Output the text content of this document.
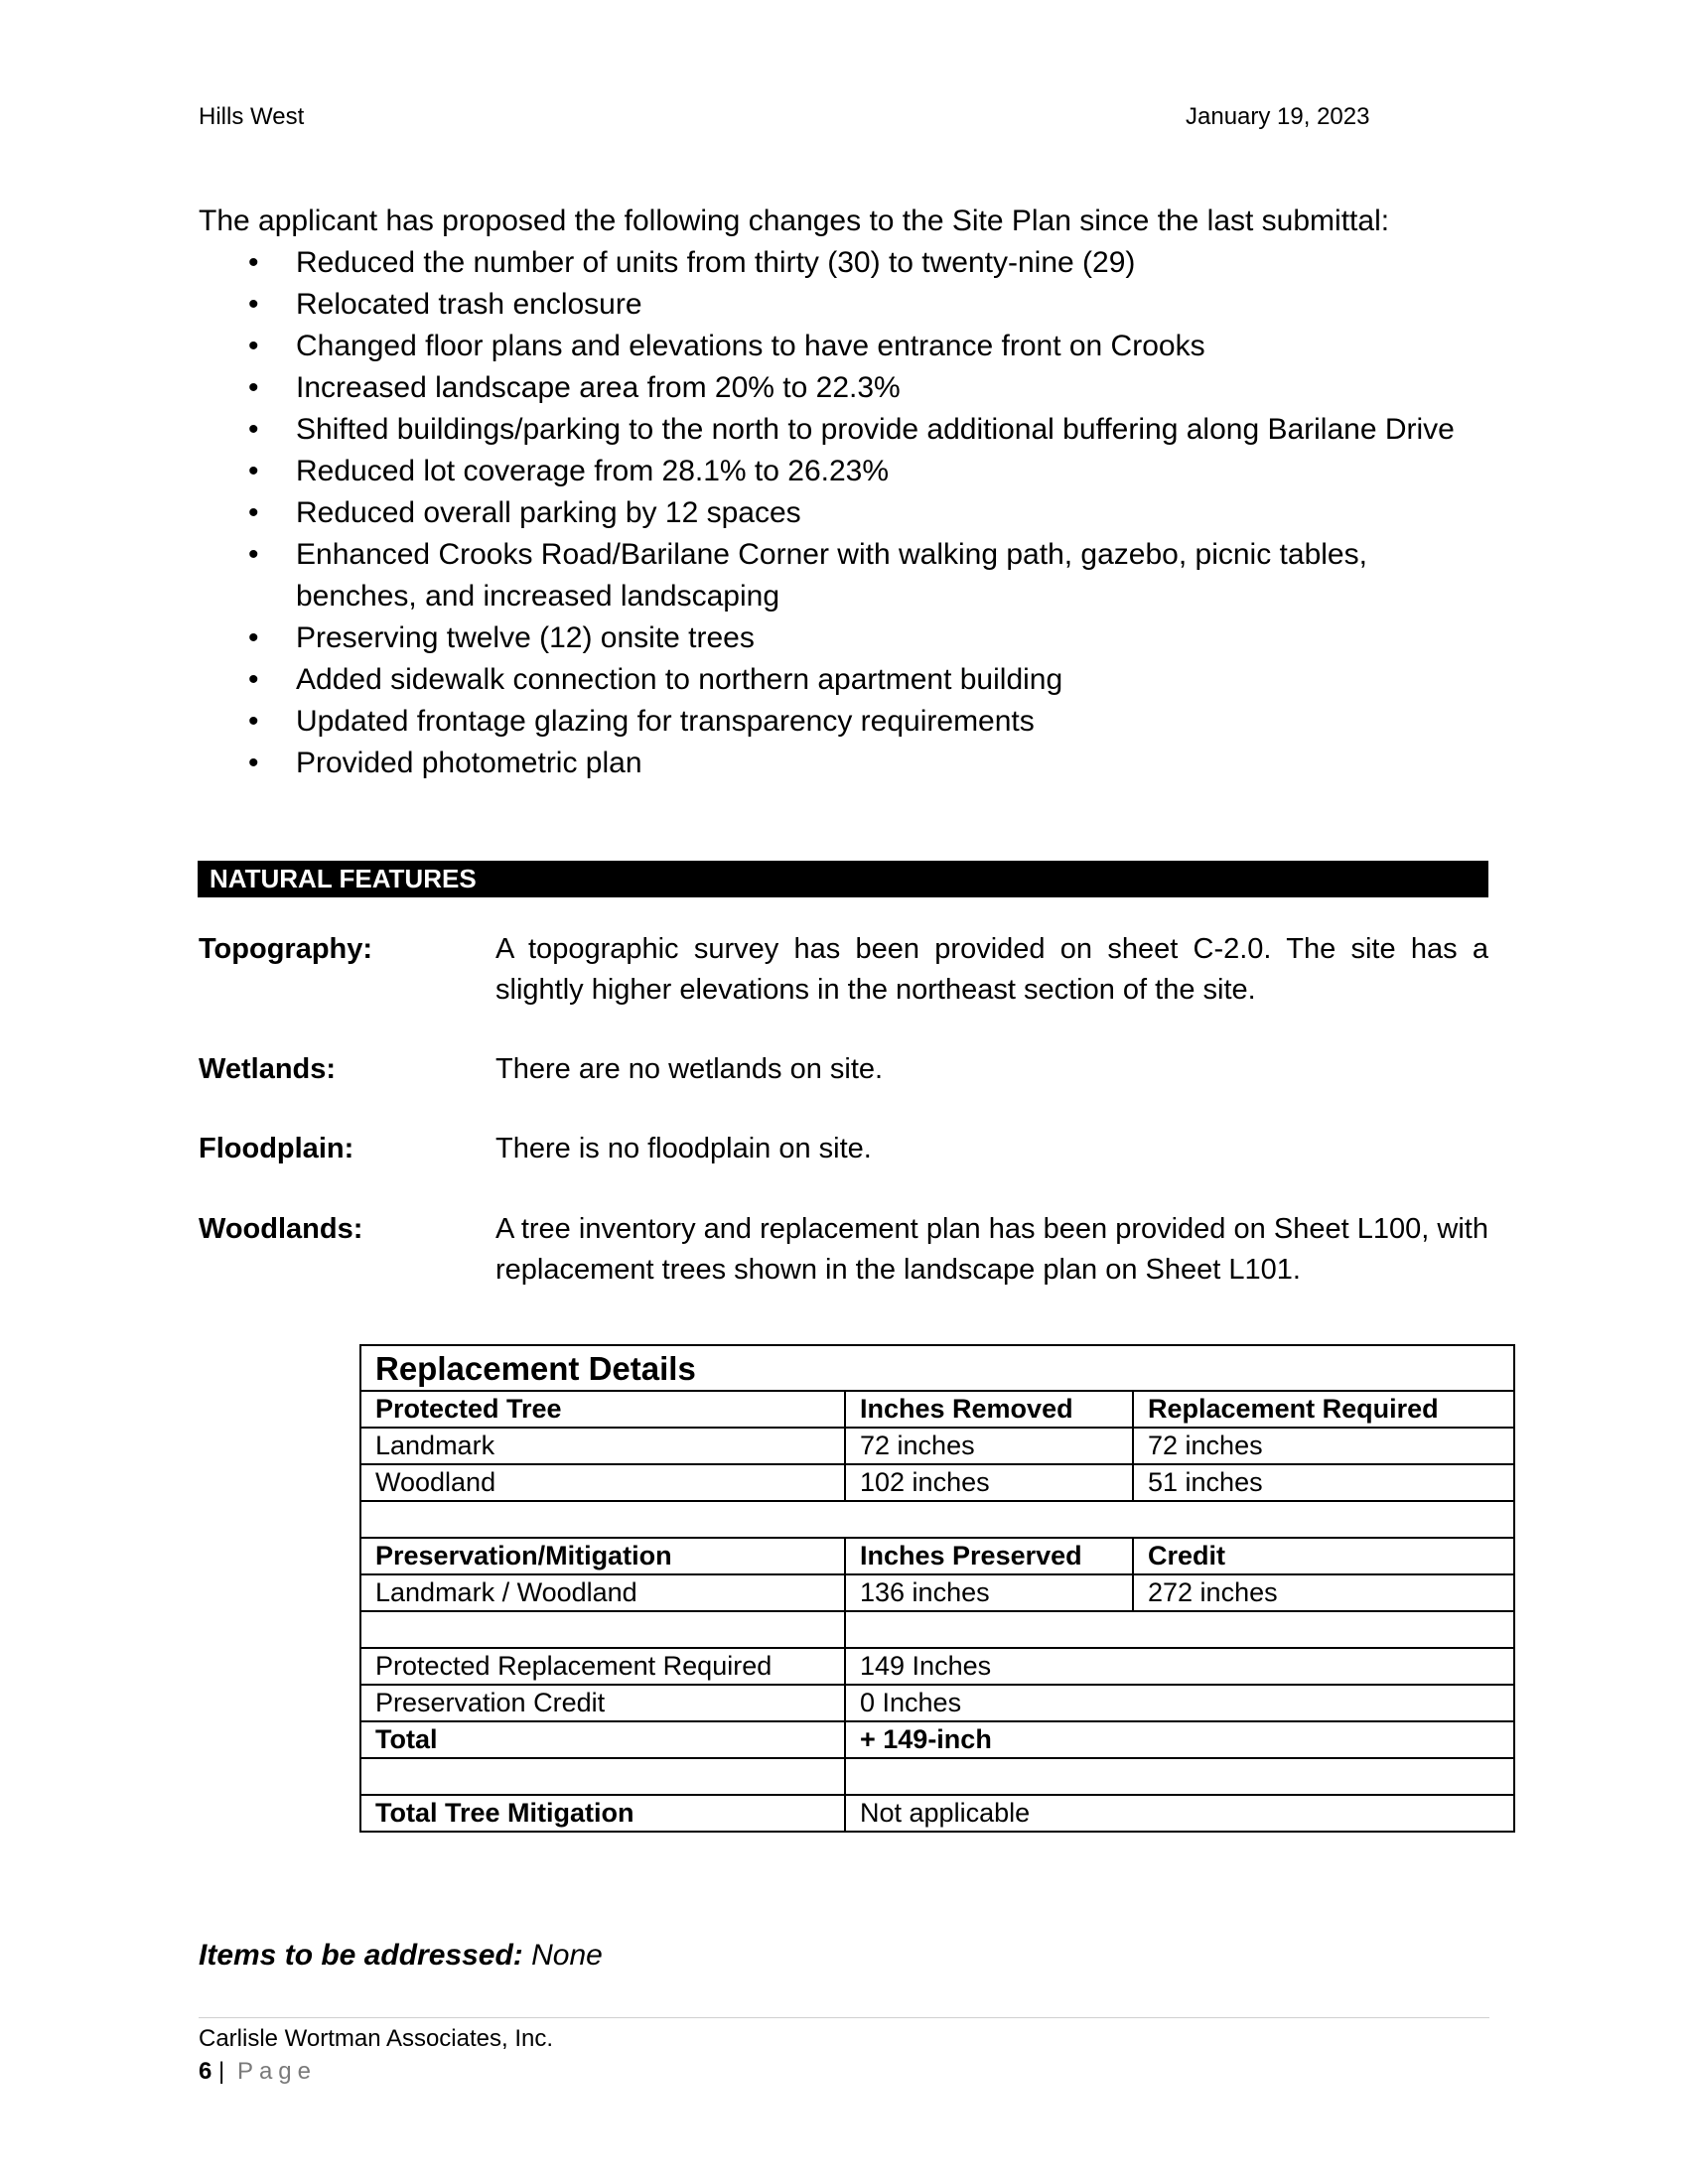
Hills West	January 19, 2023
The applicant has proposed the following changes to the Site Plan since the last submittal:
• Reduced the number of units from thirty (30) to twenty-nine (29)
• Relocated trash enclosure
• Changed floor plans and elevations to have entrance front on Crooks
• Increased landscape area from 20% to 22.3%
• Shifted buildings/parking to the north to provide additional buffering along Barilane Drive
• Reduced lot coverage from 28.1% to 26.23%
• Reduced overall parking by 12 spaces
• Enhanced Crooks Road/Barilane Corner with walking path, gazebo, picnic tables, benches, and increased landscaping
• Preserving twelve (12) onsite trees
• Added sidewalk connection to northern apartment building
• Updated frontage glazing for transparency requirements
• Provided photometric plan
NATURAL FEATURES
Topography:	A topographic survey has been provided on sheet C-2.0. The site has a slightly higher elevations in the northeast section of the site.
Wetlands:	There are no wetlands on site.
Floodplain:	There is no floodplain on site.
Woodlands:	A tree inventory and replacement plan has been provided on Sheet L100, with replacement trees shown in the landscape plan on Sheet L101.
Replacement Details		
Protected Tree	Inches Removed	Replacement Required
Landmark	72 inches	72 inches
Woodland	102 inches	51 inches

Preservation/Mitigation	Inches Preserved	Credit
Landmark / Woodland	136 inches	272 inches

Protected Replacement Required	149 Inches	
Preservation Credit	0 Inches	
Total	+ 149-inch	

Total Tree Mitigation	Not applicable	
Items to be addressed: None
Carlisle Wortman Associates, Inc.
6 | Page
